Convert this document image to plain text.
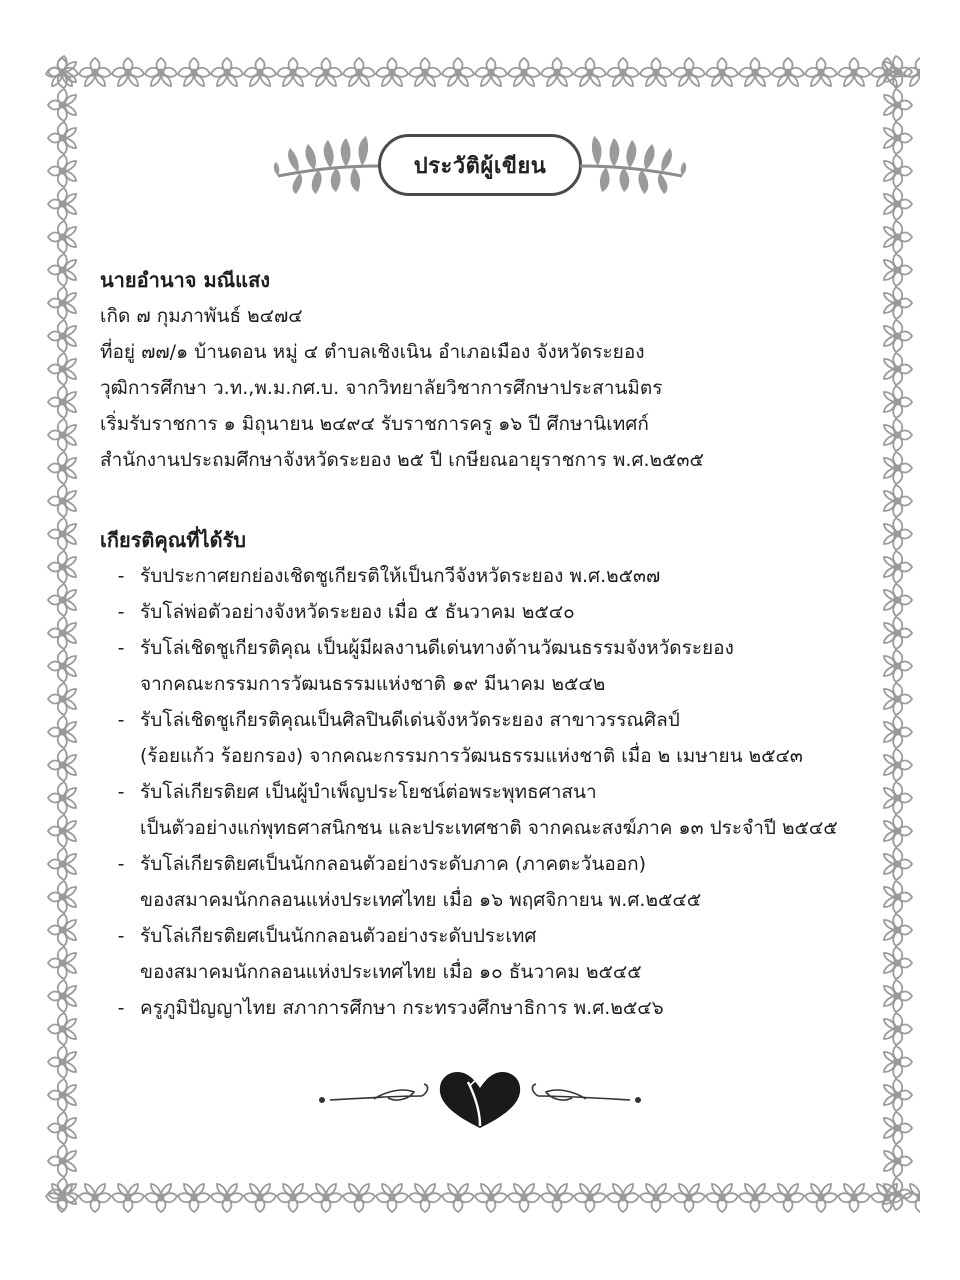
ประวัติผู้เขียน
นายอำนาจ มณีแสง
เกิด ๗ กุมภาพันธ์ ๒๔๗๔
ที่อยู่ ๗๗/๑ บ้านดอน หมู่ ๔ ตำบลเชิงเนิน อำเภอเมือง จังหวัดระยอง
วุฒิการศึกษา ว.ท.,พ.ม.กศ.บ. จากวิทยาลัยวิชาการศึกษาประสานมิตร
เริ่มรับราชการ ๑ มิถุนายน ๒๔๙๔ รับราชการครู ๑๖ ปี ศึกษานิเทศก์
สำนักงานประถมศึกษาจังหวัดระยอง ๒๕ ปี เกษียณอายุราชการ พ.ศ.๒๕๓๕
เกียรติคุณที่ได้รับ
- รับประกาศยกย่องเชิดชูเกียรติให้เป็นกวีจังหวัดระยอง พ.ศ.๒๕๓๗
- รับโล่พ่อตัวอย่างจังหวัดระยอง เมื่อ ๕ ธันวาคม ๒๕๔๐
- รับโล่เชิดชูเกียรติคุณ เป็นผู้มีผลงานดีเด่นทางด้านวัฒนธรรมจังหวัดระยอง
จากคณะกรรมการวัฒนธรรมแห่งชาติ ๑๙ มีนาคม ๒๕๔๒
- รับโล่เชิดชูเกียรติคุณเป็นศิลปินดีเด่นจังหวัดระยอง สาขาวรรณศิลป์
(ร้อยแก้ว ร้อยกรอง) จากคณะกรรมการวัฒนธรรมแห่งชาติ เมื่อ ๒ เมษายน ๒๕๔๓
- รับโล่เกียรติยศ เป็นผู้บำเพ็ญประโยชน์ต่อพระพุทธศาสนา
เป็นตัวอย่างแก่พุทธศาสนิกชน และประเทศชาติ จากคณะสงฆ์ภาค ๑๓ ประจำปี ๒๕๔๕
- รับโล่เกียรติยศเป็นนักกลอนตัวอย่างระดับภาค (ภาคตะวันออก)
ของสมาคมนักกลอนแห่งประเทศไทย เมื่อ ๑๖ พฤศจิกายน พ.ศ.๒๕๔๕
- รับโล่เกียรติยศเป็นนักกลอนตัวอย่างระดับประเทศ
ของสมาคมนักกลอนแห่งประเทศไทย เมื่อ ๑๐ ธันวาคม ๒๕๔๕
- ครูภูมิปัญญาไทย สภาการศึกษา กระทรวงศึกษาธิการ พ.ศ.๒๕๔๖
